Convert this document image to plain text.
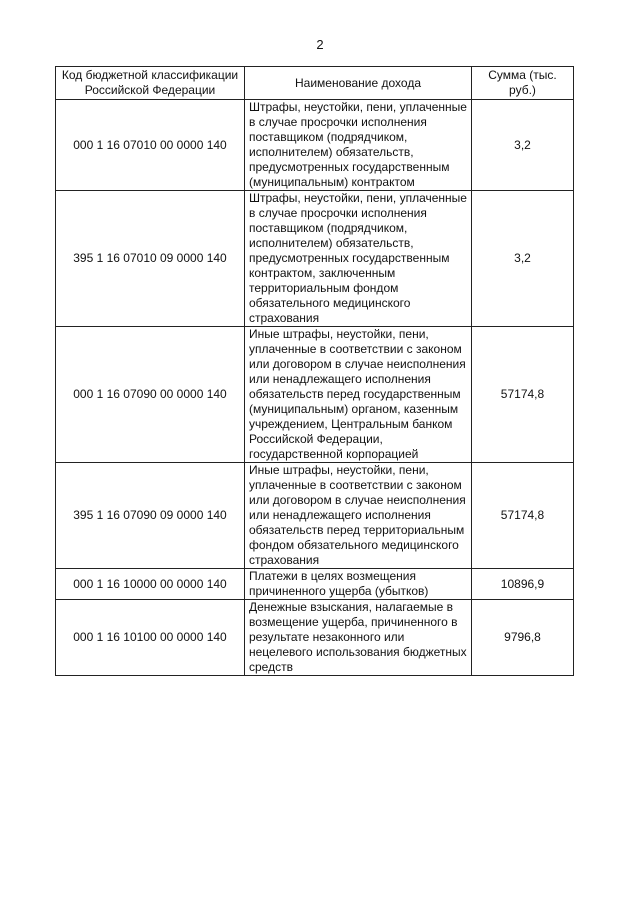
2
Код бюджетной классификации Российской Федерации	Наименование дохода	Сумма (тыс. руб.)
000 1 16 07010 00 0000 140	Штрафы, неустойки, пени, уплаченные в случае просрочки исполнения поставщиком (подрядчиком, исполнителем) обязательств, предусмотренных государственным (муниципальным) контрактом	3,2
395 1 16 07010 09 0000 140	Штрафы, неустойки, пени, уплаченные в случае просрочки исполнения поставщиком (подрядчиком, исполнителем) обязательств, предусмотренных государственным контрактом, заключенным территориальным фондом обязательного медицинского страхования	3,2
000 1 16 07090 00 0000 140	Иные штрафы, неустойки, пени, уплаченные в соответствии с законом или договором в случае неисполнения или ненадлежащего исполнения обязательств перед государственным (муниципальным) органом, казенным учреждением, Центральным банком Российской Федерации, государственной корпорацией	57174,8
395 1 16 07090 09 0000 140	Иные штрафы, неустойки, пени, уплаченные в соответствии с законом или договором в случае неисполнения или ненадлежащего исполнения обязательств перед территориальным фондом обязательного медицинского страхования	57174,8
000 1 16 10000 00 0000 140	Платежи в целях возмещения причиненного ущерба (убытков)	10896,9
000 1 16 10100 00 0000 140	Денежные взыскания, налагаемые в возмещение ущерба, причиненного в результате незаконного или нецелевого использования бюджетных средств	9796,8
